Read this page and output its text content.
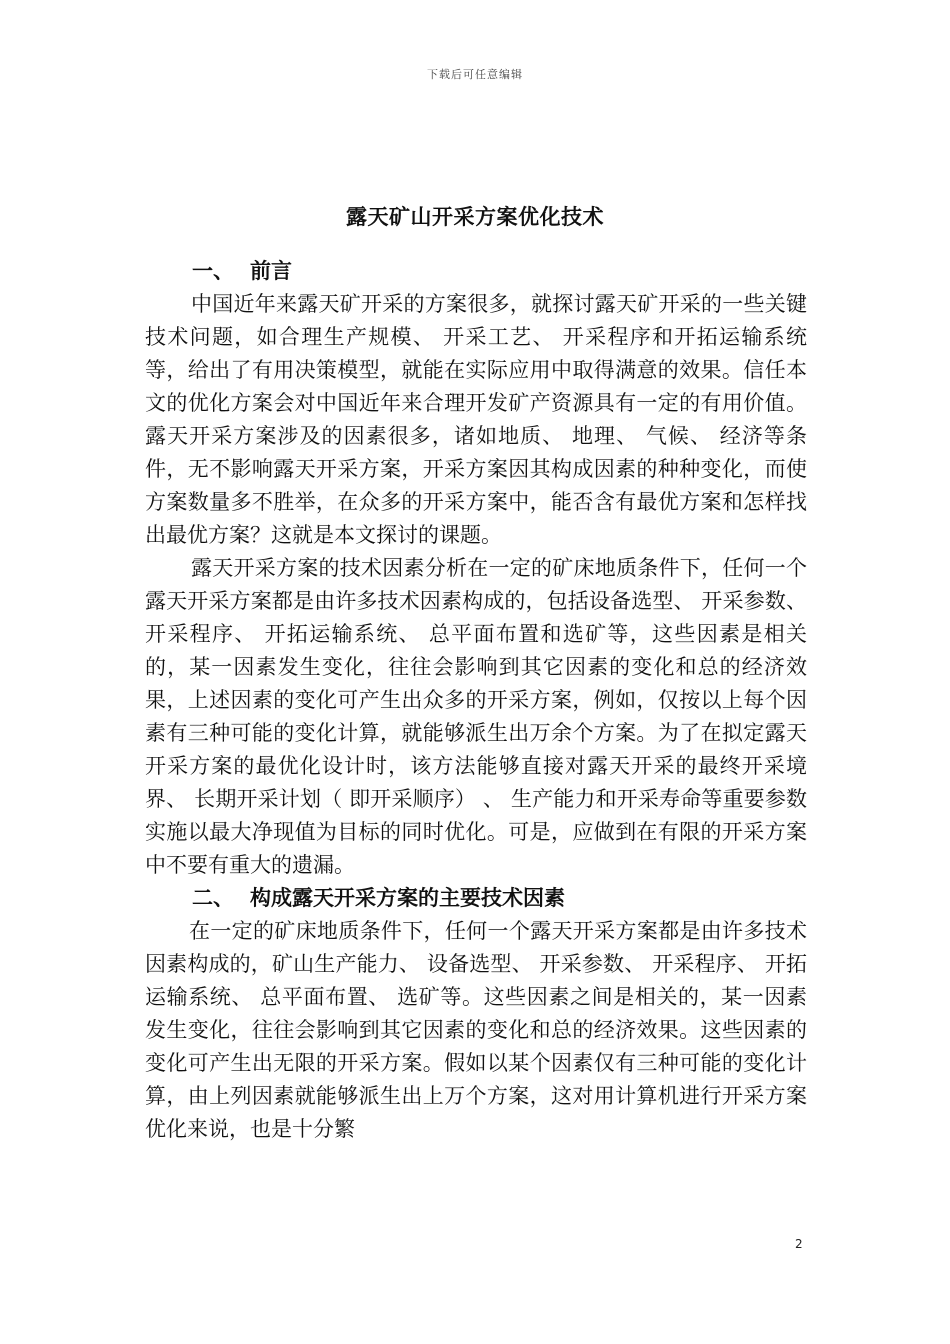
下载后可任意编辑
露天矿山开采方案优化技术
一、 前言

中国近年来露天矿开采的方案很多，就探讨露天矿开采的一些关键技术问题，如合理生产规模、 开采工艺、 开采程序和开拓运输系统等，给出了有用决策模型，就能在实际应用中取得满意的效果。信任本文的优化方案会对中国近年来合理开发矿产资源具有一定的有用价值。露天开采方案涉及的因素很多，诸如地质、 地理、 气候、 经济等条件，无不影响露天开采方案，开采方案因其构成因素的种种变化，而使方案数量多不胜举，在众多的开采方案中，能否含有最优方案和怎样找出最优方案？这就是本文探讨的课题。

露天开采方案的技术因素分析在一定的矿床地质条件下，任何一个露天开采方案都是由许多技术因素构成的，包括设备选型、 开采参数、 开采程序、 开拓运输系统、 总平面布置和选矿等，这些因素是相关的，某一因素发生变化，往往会影响到其它因素的变化和总的经济效果，上述因素的变化可产生出众多的开采方案，例如，仅按以上每个因素有三种可能的变化计算，就能够派生出万余个方案。为了在拟定露天开采方案的最优化设计时，该方法能够直接对露天开采的最终开采境界、 长期开采计划（ 即开采顺序） 、 生产能力和开采寿命等重要参数实施以最大净现值为目标的同时优化。可是，应做到在有限的开采方案中不要有重大的遗漏。

二、 构成露天开采方案的主要技术因素

在一定的矿床地质条件下，任何一个露天开采方案都是由许多技术因素构成的，矿山生产能力、 设备选型、 开采参数、 开采程序、 开拓运输系统、 总平面布置、 选矿等。这些因素之间是相关的，某一因素发生变化，往往会影响到其它因素的变化和总的经济效果。这些因素的变化可产生出无限的开采方案。假如以某个因素仅有三种可能的变化计算，由上列因素就能够派生出上万个方案，这对用计算机进行开采方案优化来说，也是十分繁

2
